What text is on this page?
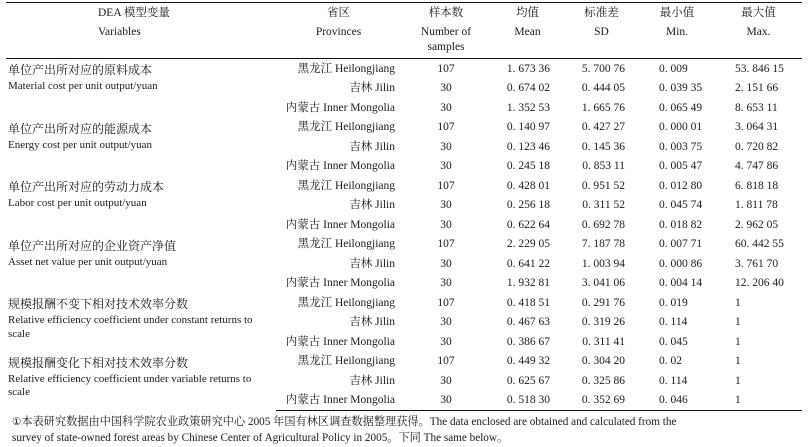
DEA 模型变量	省区	样本数	均值	标准差	最小值	最大值
Variables	Provinces	Number of samples	Mean	SD	Min.	Max.

单位产出所对应的原料成本
Material cost per unit output/yuan	黑龙江 Heilongjiang	107	1. 673 36	5. 700 76	0. 009	53. 846 15
	吉林 Jilin	30	0. 674 02	0. 444 05	0. 039 35	2. 151 66
	内蒙古 Inner Mongolia	30	1. 352 53	1. 665 76	0. 065 49	8. 653 11

单位产出所对应的能源成本
Energy cost per unit output/yuan	黑龙江 Heilongjiang	107	0. 140 97	0. 427 27	0. 000 01	3. 064 31
	吉林 Jilin	30	0. 123 46	0. 145 36	0. 003 75	0. 720 82
	内蒙古 Inner Mongolia	30	0. 245 18	0. 853 11	0. 005 47	4. 747 86

单位产出所对应的劳动力成本
Labor cost per unit output/yuan	黑龙江 Heilongjiang	107	0. 428 01	0. 951 52	0. 012 80	6. 818 18
	吉林 Jilin	30	0. 256 18	0. 311 52	0. 045 74	1. 811 78
	内蒙古 Inner Mongolia	30	0. 622 64	0. 692 78	0. 018 82	2. 962 05

单位产出所对应的企业资产净值
Asset net value per unit output/yuan	黑龙江 Heilongjiang	107	2. 229 05	7. 187 78	0. 007 71	60. 442 55
	吉林 Jilin	30	0. 641 22	1. 003 94	0. 000 86	3. 761 70
	内蒙古 Inner Mongolia	30	1. 932 81	3. 041 06	0. 004 14	12. 206 40

规模报酬不变下相对技术效率分数
Relative efficiency coefficient under constant returns to scale	黑龙江 Heilongjiang	107	0. 418 51	0. 291 76	0. 019	1
	吉林 Jilin	30	0. 467 63	0. 319 26	0. 114	1
	内蒙古 Inner Mongolia	30	0. 386 67	0. 311 41	0. 045	1

规模报酬变化下相对技术效率分数
Relative efficiency coefficient under variable returns to scale	黑龙江 Heilongjiang	107	0. 449 32	0. 304 20	0. 02	1
	吉林 Jilin	30	0. 625 67	0. 325 86	0. 114	1
	内蒙古 Inner Mongolia	30	0. 518 30	0. 352 69	0. 046	1
①本表研究数据由中国科学院农业政策研究中心 2005 年国有林区调查数据整理获得。The data enclosed are obtained and calculated from the
survey of state-owned forest areas by Chinese Center of Agricultural Policy in 2005。下同 The same below。
